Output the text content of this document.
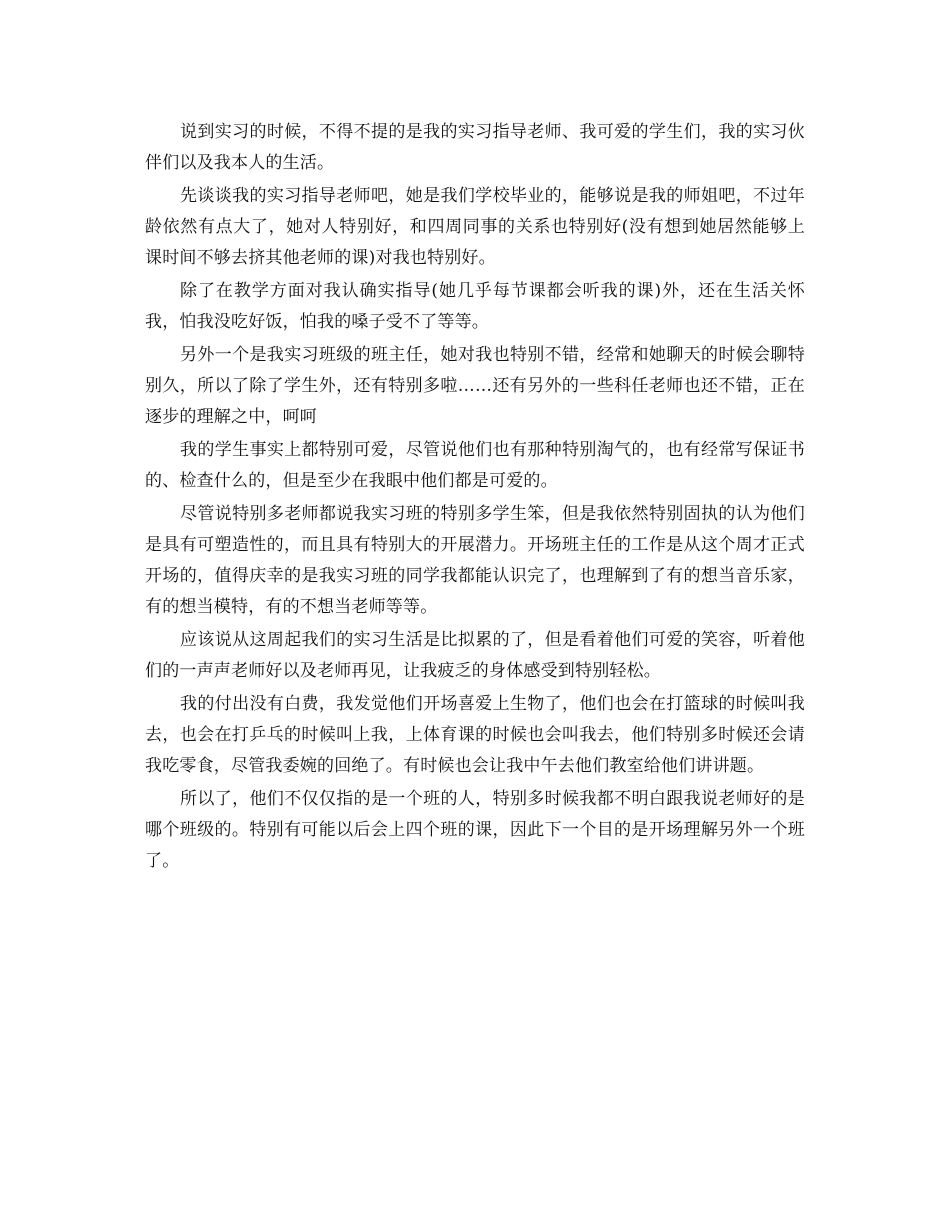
说到实习的时候，不得不提的是我的实习指导老师、我可爱的学生们，我的实习伙伴们以及我本人的生活。

先谈谈我的实习指导老师吧，她是我们学校毕业的，能够说是我的师姐吧，不过年龄依然有点大了，她对人特别好，和四周同事的关系也特别好(没有想到她居然能够上课时间不够去挤其他老师的课)对我也特别好。

除了在教学方面对我认确实指导(她几乎每节课都会听我的课)外，还在生活关怀我，怕我没吃好饭，怕我的嗓子受不了等等。

另外一个是我实习班级的班主任，她对我也特别不错，经常和她聊天的时候会聊特别久，所以了除了学生外，还有特别多啦……还有另外的一些科任老师也还不错，正在逐步的理解之中，呵呵

我的学生事实上都特别可爱，尽管说他们也有那种特别淘气的，也有经常写保证书的、检查什么的，但是至少在我眼中他们都是可爱的。

尽管说特别多老师都说我实习班的特别多学生笨，但是我依然特别固执的认为他们是具有可塑造性的，而且具有特别大的开展潜力。开场班主任的工作是从这个周才正式开场的，值得庆幸的是我实习班的同学我都能认识完了，也理解到了有的想当音乐家，有的想当模特，有的不想当老师等等。

应该说从这周起我们的实习生活是比拟累的了，但是看着他们可爱的笑容，听着他们的一声声老师好以及老师再见，让我疲乏的身体感受到特别轻松。

我的付出没有白费，我发觉他们开场喜爱上生物了，他们也会在打篮球的时候叫我去，也会在打乒乓的时候叫上我，上体育课的时候也会叫我去，他们特别多时候还会请我吃零食，尽管我委婉的回绝了。有时候也会让我中午去他们教室给他们讲讲题。

所以了，他们不仅仅指的是一个班的人，特别多时候我都不明白跟我说老师好的是哪个班级的。特别有可能以后会上四个班的课，因此下一个目的是开场理解另外一个班了。
